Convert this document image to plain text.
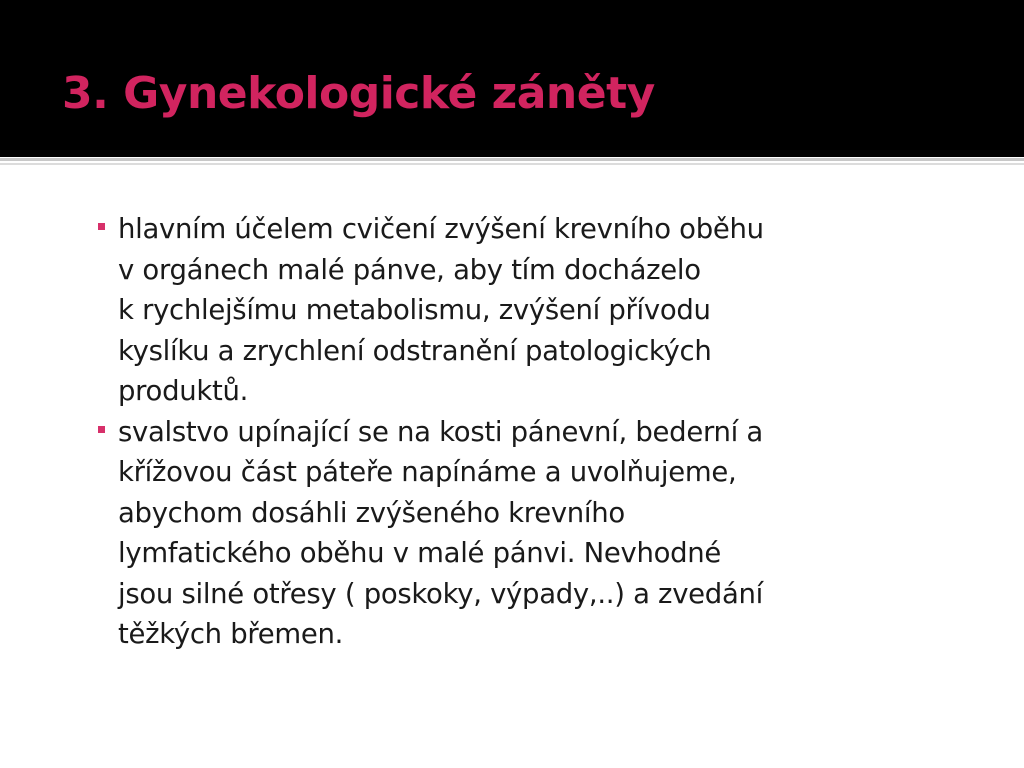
3. Gynekologické záněty
hlavním účelem cvičení zvýšení krevního oběhu
v orgánech malé pánve, aby tím docházelo
k rychlejšímu metabolismu, zvýšení přívodu
kyslíku a zrychlení odstranění patologických
produktů.
svalstvo upínající se na kosti pánevní, bederní a
křížovou část páteře napínáme a uvolňujeme,
abychom dosáhli zvýšeného krevního
lymfatického oběhu v malé pánvi. Nevhodné
jsou silné otřesy ( poskoky, výpady,..) a zvedání
těžkých břemen.
